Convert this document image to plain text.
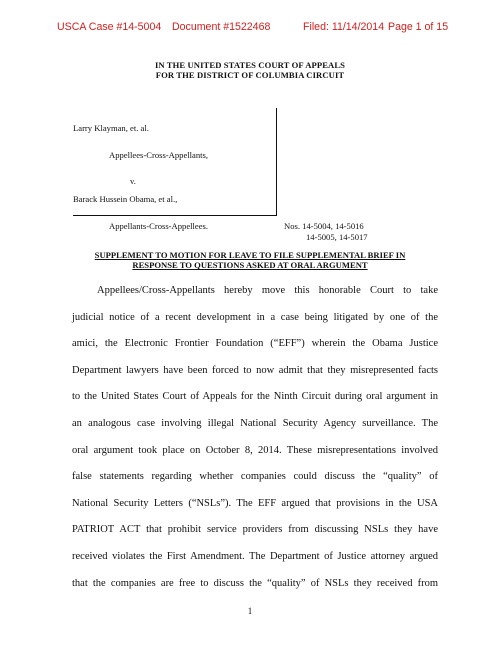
USCA Case #14-5004 Document #1522468	Filed: 11/14/2014 Page 1 of 15
IN THE UNITED STATES COURT OF APPEALS
FOR THE DISTRICT OF COLUMBIA CIRCUIT
Larry Klayman, et. al.
Appellees-Cross-Appellants,
v.
Barack Hussein Obama, et al.,
Appellants-Cross-Appellees.	Nos. 14-5004, 14-5016
14-5005, 14-5017
SUPPLEMENT TO MOTION FOR LEAVE TO FILE SUPPLEMENTAL BRIEF IN
RESPONSE TO QUESTIONS ASKED AT ORAL ARGUMENT
Appellees/Cross-Appellants hereby move this honorable Court to take
judicial notice of a recent development in a case being litigated by one of the
amici, the Electronic Frontier Foundation (“EFF”) wherein the Obama Justice
Department lawyers have been forced to now admit that they misrepresented facts
to the United States Court of Appeals for the Ninth Circuit during oral argument in
an analogous case involving illegal National Security Agency surveillance. The
oral argument took place on October 8, 2014. These misrepresentations involved
false statements regarding whether companies could discuss the “quality” of
National Security Letters (“NSLs”). The EFF argued that provisions in the USA
PATRIOT ACT that prohibit service providers from discussing NSLs they have
received violates the First Amendment. The Department of Justice attorney argued
that the companies are free to discuss the “quality” of NSLs they received from
1
